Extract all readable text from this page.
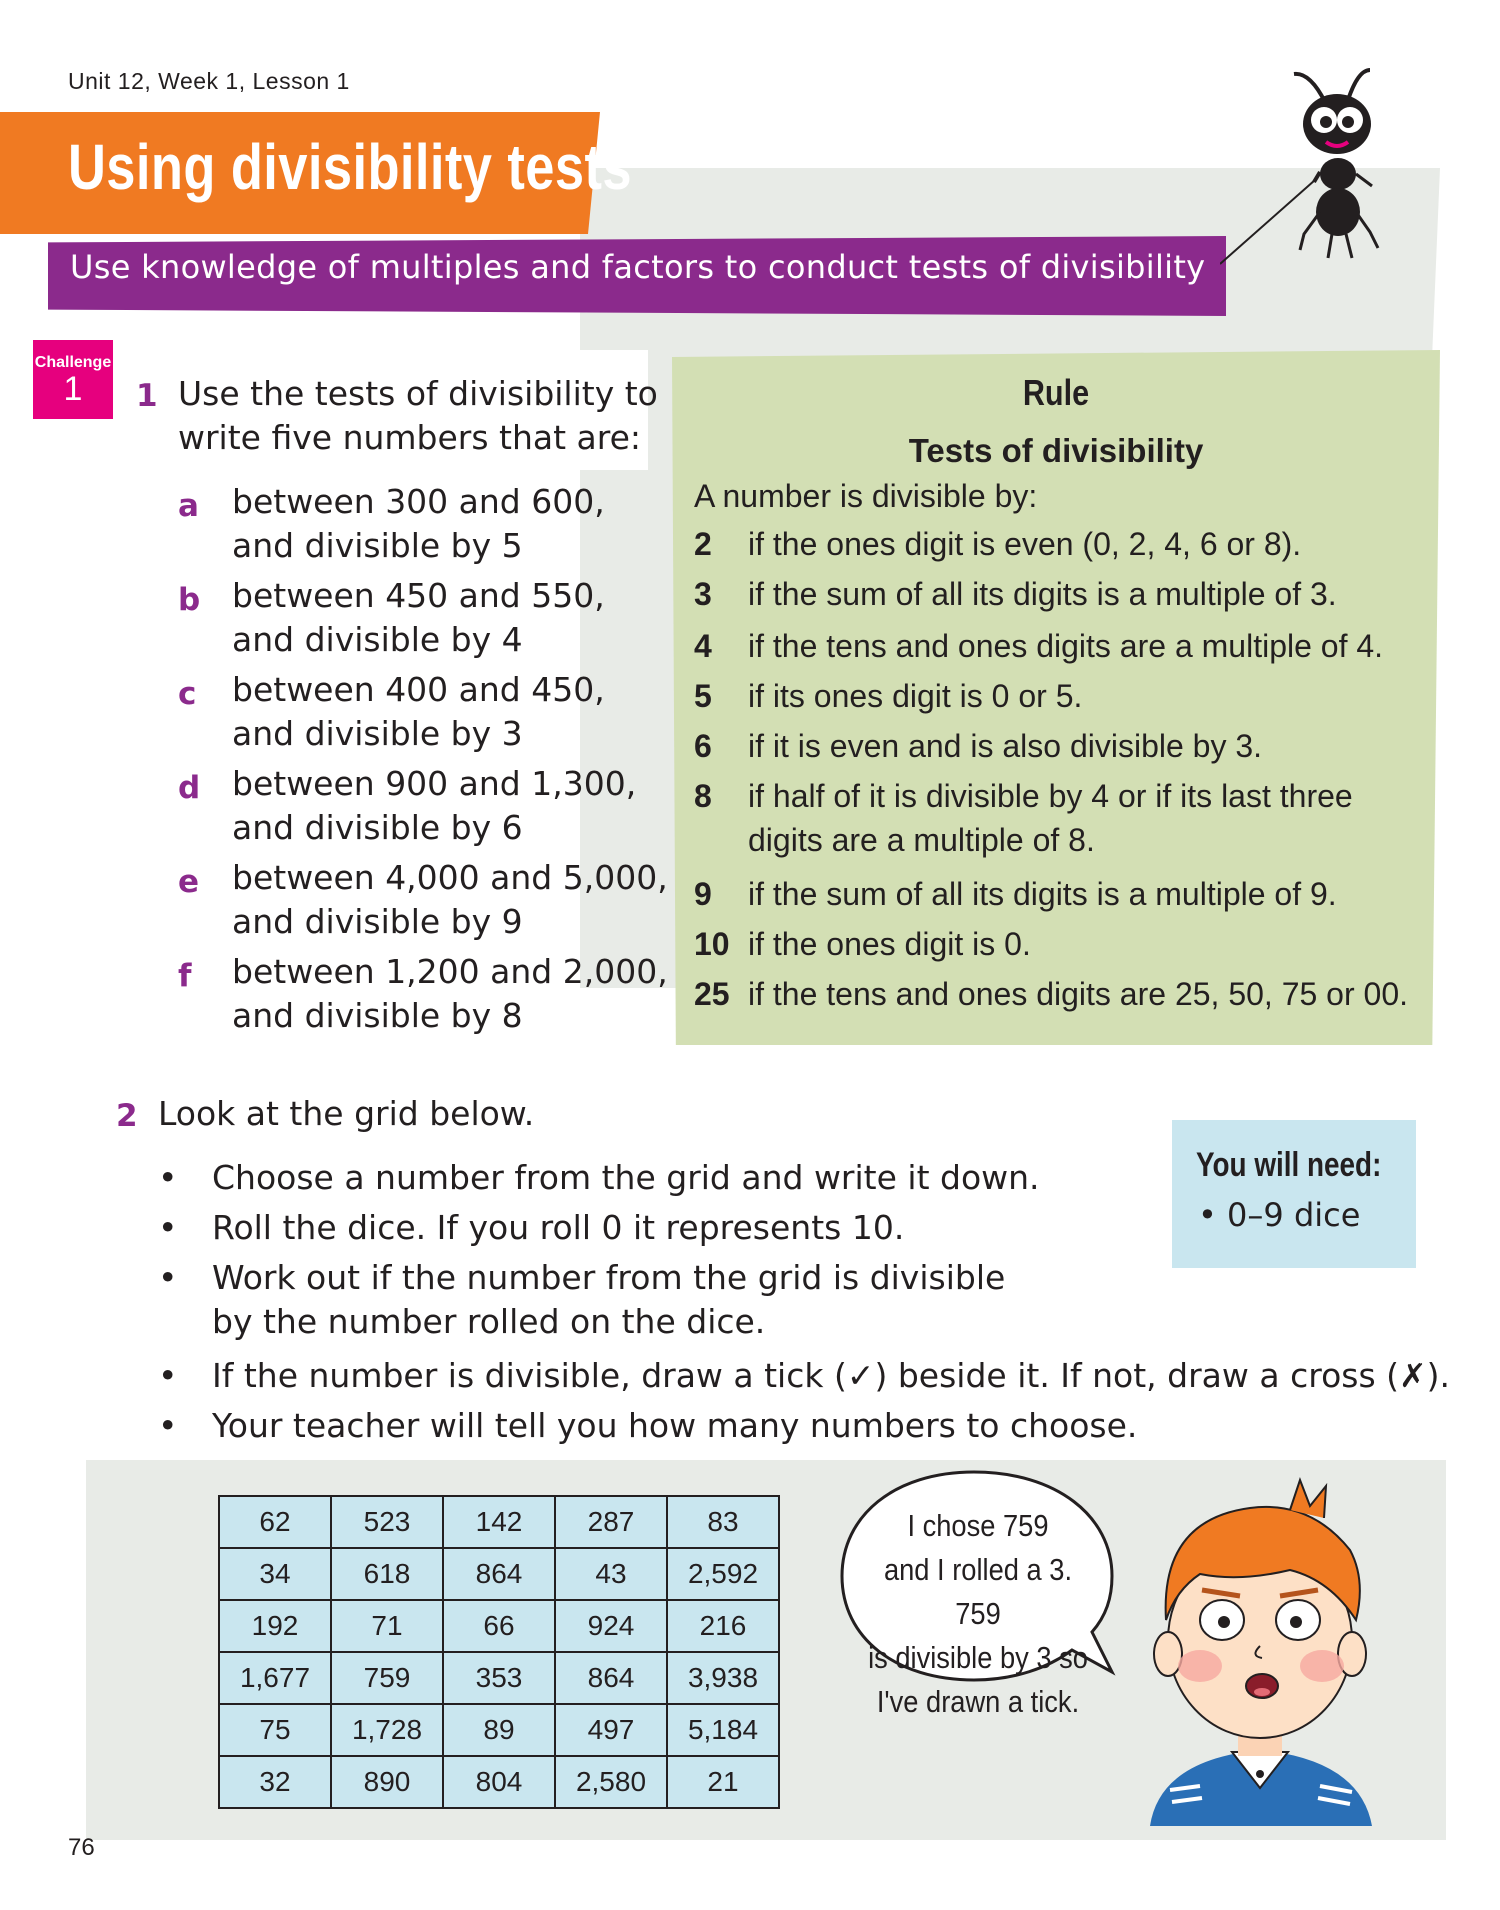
Unit 12, Week 1, Lesson 1
Using divisibility tests
Use knowledge of multiples and factors to conduct tests of divisibility
Challenge
1	1 Use the tests of divisibility to
write five numbers that are:
a between 300 and 600,
and divisible by 5
b between 450 and 550,
and divisible by 4
c between 400 and 450,
and divisible by 3
d between 900 and 1,300,
and divisible by 6
e between 4,000 and 5,000,
and divisible by 9
f between 1,200 and 2,000,
and divisible by 8
Rule
Tests of divisibility
A number is divisible by:
2 if the ones digit is even (0, 2, 4, 6 or 8).
3 if the sum of all its digits is a multiple of 3.
4 if the tens and ones digits are a multiple of 4.
5 if its ones digit is 0 or 5.
6 if it is even and is also divisible by 3.
8 if half of it is divisible by 4 or if its last three
digits are a multiple of 8.
9 if the sum of all its digits is a multiple of 9.
10 if the ones digit is 0.
25 if the tens and ones digits are 25, 50, 75 or 00.
2 Look at the grid below.
• Choose a number from the grid and write it down.
• Roll the dice. If you roll 0 it represents 10.
• Work out if the number from the grid is divisible
by the number rolled on the dice.
• If the number is divisible, draw a tick (✓) beside it. If not, draw a cross (✗).
• Your teacher will tell you how many numbers to choose.
You will need:
• 0–9 dice
62	523	142	287	83
34	618	864	43	2,592
192	71	66	924	216
1,677	759	353	864	3,938
75	1,728	89	497	5,184
32	890	804	2,580	21
I chose 759
and I rolled a 3. 759
is divisible by 3 so
I've drawn a tick.
76
